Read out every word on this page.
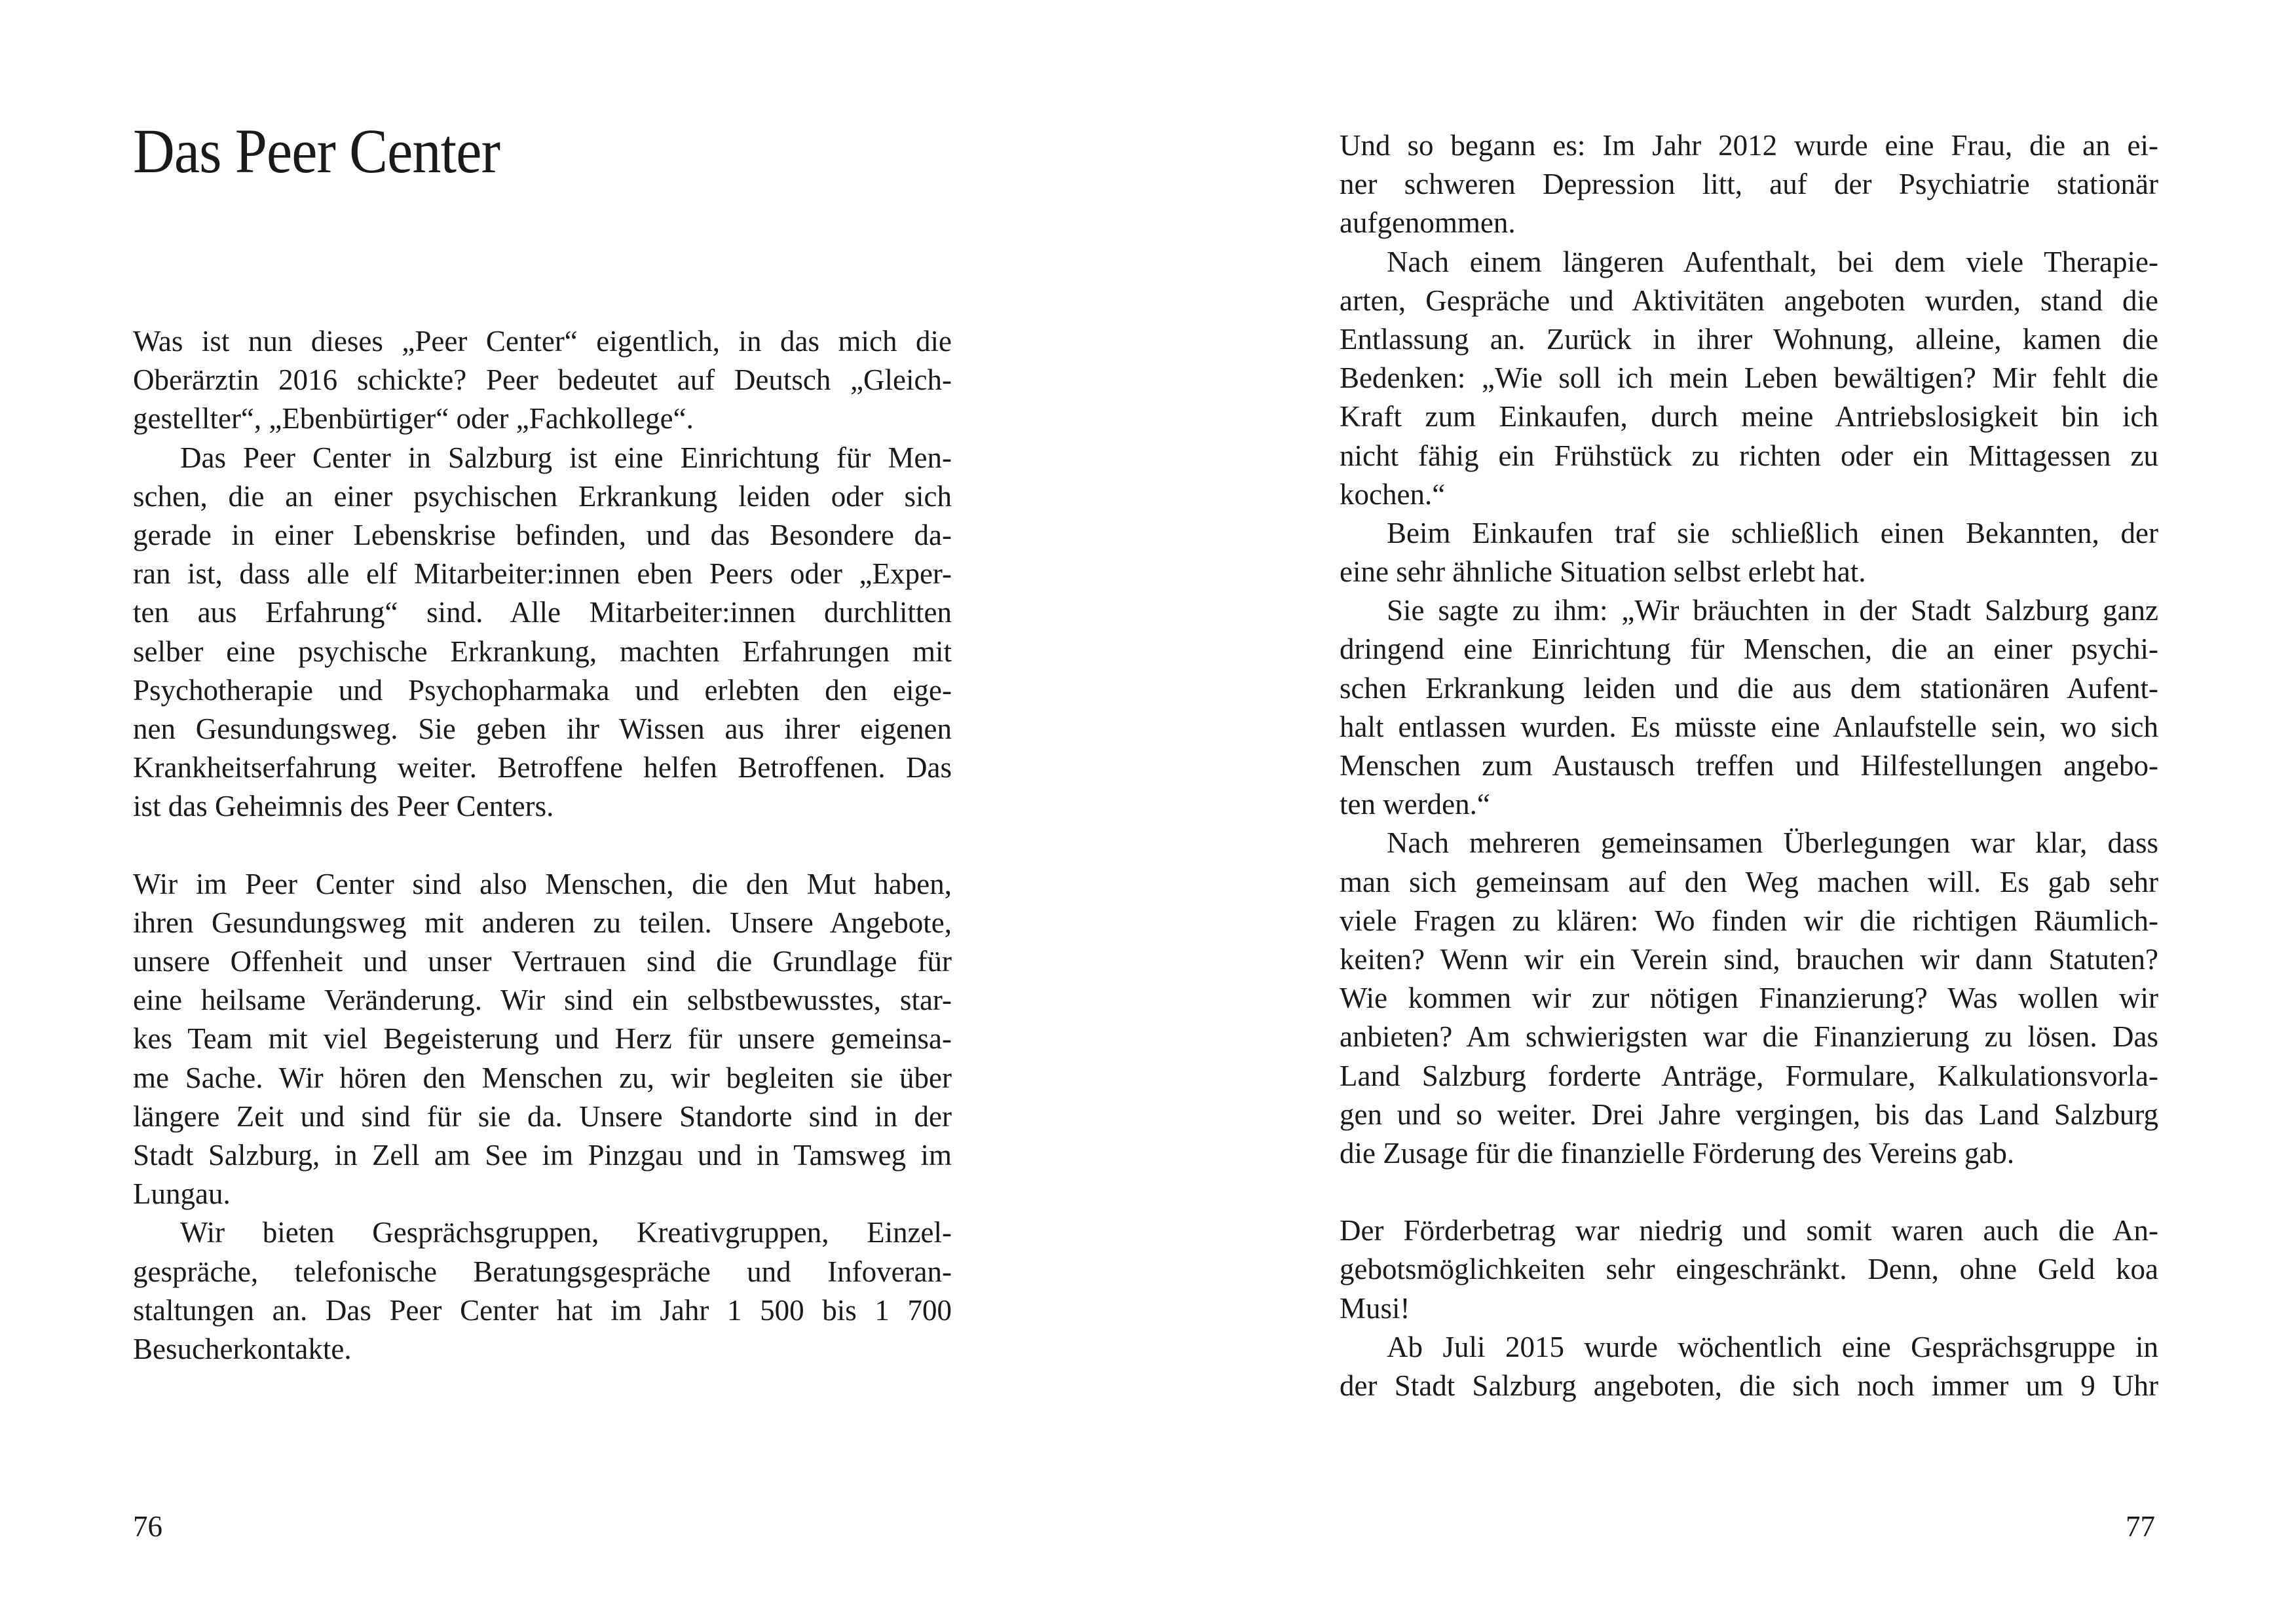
Das Peer Center
Was ist nun dieses „Peer Center“ eigentlich, in das mich die
Oberärztin 2016 schickte? Peer bedeutet auf Deutsch „Gleich-
gestellter“, „Ebenbürtiger“ oder „Fachkollege“.
Das Peer Center in Salzburg ist eine Einrichtung für Men-
schen, die an einer psychischen Erkrankung leiden oder sich
gerade in einer Lebenskrise befinden, und das Besondere da-
ran ist, dass alle elf Mitarbeiter:innen eben Peers oder „Exper-
ten aus Erfahrung“ sind. Alle Mitarbeiter:innen durchlitten
selber eine psychische Erkrankung, machten Erfahrungen mit
Psychotherapie und Psychopharmaka und erlebten den eige-
nen Gesundungsweg. Sie geben ihr Wissen aus ihrer eigenen
Krankheitserfahrung weiter. Betroffene helfen Betroffenen. Das
ist das Geheimnis des Peer Centers.
Wir im Peer Center sind also Menschen, die den Mut haben,
ihren Gesundungsweg mit anderen zu teilen. Unsere Angebote,
unsere Offenheit und unser Vertrauen sind die Grundlage für
eine heilsame Veränderung. Wir sind ein selbstbewusstes, star-
kes Team mit viel Begeisterung und Herz für unsere gemeinsa-
me Sache. Wir hören den Menschen zu, wir begleiten sie über
längere Zeit und sind für sie da. Unsere Standorte sind in der
Stadt Salzburg, in Zell am See im Pinzgau und in Tamsweg im
Lungau.
Wir bieten Gesprächsgruppen, Kreativgruppen, Einzel-
gespräche, telefonische Beratungsgespräche und Infoveran-
staltungen an. Das Peer Center hat im Jahr 1 500 bis 1 700
Besucherkontakte.
76
Und so begann es: Im Jahr 2012 wurde eine Frau, die an ei-
ner schweren Depression litt, auf der Psychiatrie stationär
aufgenommen.
Nach einem längeren Aufenthalt, bei dem viele Therapie-
arten, Gespräche und Aktivitäten angeboten wurden, stand die
Entlassung an. Zurück in ihrer Wohnung, alleine, kamen die
Bedenken: „Wie soll ich mein Leben bewältigen? Mir fehlt die
Kraft zum Einkaufen, durch meine Antriebslosigkeit bin ich
nicht fähig ein Frühstück zu richten oder ein Mittagessen zu
kochen.“
Beim Einkaufen traf sie schließlich einen Bekannten, der
eine sehr ähnliche Situation selbst erlebt hat.
Sie sagte zu ihm: „Wir bräuchten in der Stadt Salzburg ganz
dringend eine Einrichtung für Menschen, die an einer psychi-
schen Erkrankung leiden und die aus dem stationären Aufent-
halt entlassen wurden. Es müsste eine Anlaufstelle sein, wo sich
Menschen zum Austausch treffen und Hilfestellungen angebo-
ten werden.“
Nach mehreren gemeinsamen Überlegungen war klar, dass
man sich gemeinsam auf den Weg machen will. Es gab sehr
viele Fragen zu klären: Wo finden wir die richtigen Räumlich-
keiten? Wenn wir ein Verein sind, brauchen wir dann Statuten?
Wie kommen wir zur nötigen Finanzierung? Was wollen wir
anbieten? Am schwierigsten war die Finanzierung zu lösen. Das
Land Salzburg forderte Anträge, Formulare, Kalkulationsvorla-
gen und so weiter. Drei Jahre vergingen, bis das Land Salzburg
die Zusage für die finanzielle Förderung des Vereins gab.
Der Förderbetrag war niedrig und somit waren auch die An-
gebotsmöglichkeiten sehr eingeschränkt. Denn, ohne Geld koa
Musi!
Ab Juli 2015 wurde wöchentlich eine Gesprächsgruppe in
der Stadt Salzburg angeboten, die sich noch immer um 9 Uhr
77
